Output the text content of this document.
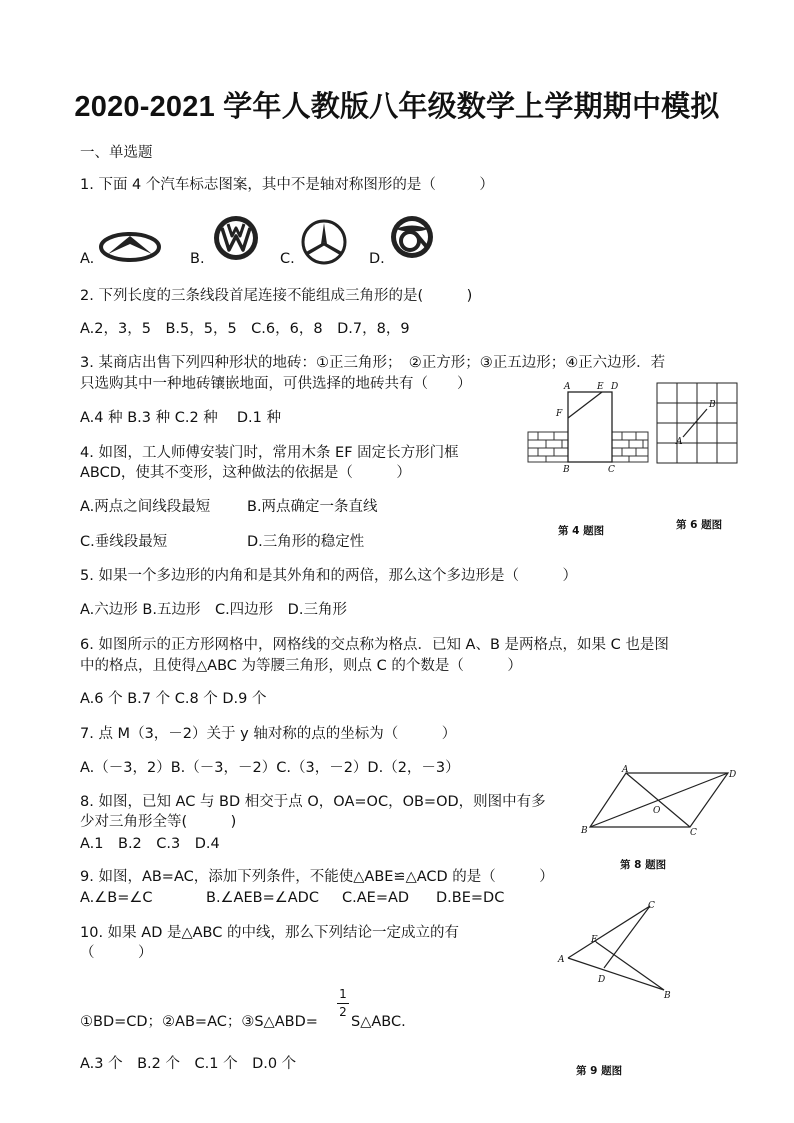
2020-2021 学年人教版八年级数学上学期期中模拟
一、单选题
1. 下面 4 个汽车标志图案，其中不是轴对称图形的是（　　　）
A.	B.	C.	D.
2. 下列长度的三条线段首尾连接不能组成三角形的是(　　　)
A.2，3，5　B.5，5，5　C.6，6，8　D.7，8，9
3. 某商店出售下列四种形状的地砖：①正三角形；　②正方形；③正五边形；④正六边形．若
只选购其中一种地砖镶嵌地面，可供选择的地砖共有（　　）
A.4 种 B.3 种 C.2 种　 D.1 种
4. 如图，工人师傅安装门时，常用木条 EF 固定长方形门框
ABCD，使其不变形，这种做法的依据是（　　　）
A.两点之间线段最短	B.两点确定一条直线
C.垂线段最短	D.三角形的稳定性
A	E D
F
B	C
第 4 题图
A
B
第 6 题图
5. 如果一个多边形的内角和是其外角和的两倍，那么这个多边形是（　　　）
A.六边形 B.五边形　C.四边形　D.三角形
6. 如图所示的正方形网格中，网格线的交点称为格点．已知 A、B 是两格点，如果 C 也是图
中的格点，且使得△ABC 为等腰三角形，则点 C 的个数是（　　　）
A.6 个 B.7 个 C.8 个 D.9 个
7. 点 M（3，－2）关于 y 轴对称的点的坐标为（　　　）
A.（－3，2）B.（－3，－2）C.（3，－2）D.（2，－3）	A	D
O
B	C
第 8 题图
8. 如图，已知 AC 与 BD 相交于点 O，OA=OC，OB=OD，则图中有多
少对三角形全等(　　　)
A.1　B.2　C.3　D.4
9. 如图，AB=AC，添加下列条件，不能使△ABE≌△ACD 的是（　　　）
A.∠B=∠C	B.∠AEB=∠ADC C.AE=AD D.BE=DC	C
E
A
D
B
第 9 题图
10. 如果 AD 是△ABC 的中线，那么下列结论一定成立的有
（　　　）
①BD=CD；②AB=AC；③S△ABD=
1
2
S△ABC.
A.3 个　B.2 个　C.1 个　D.0 个
